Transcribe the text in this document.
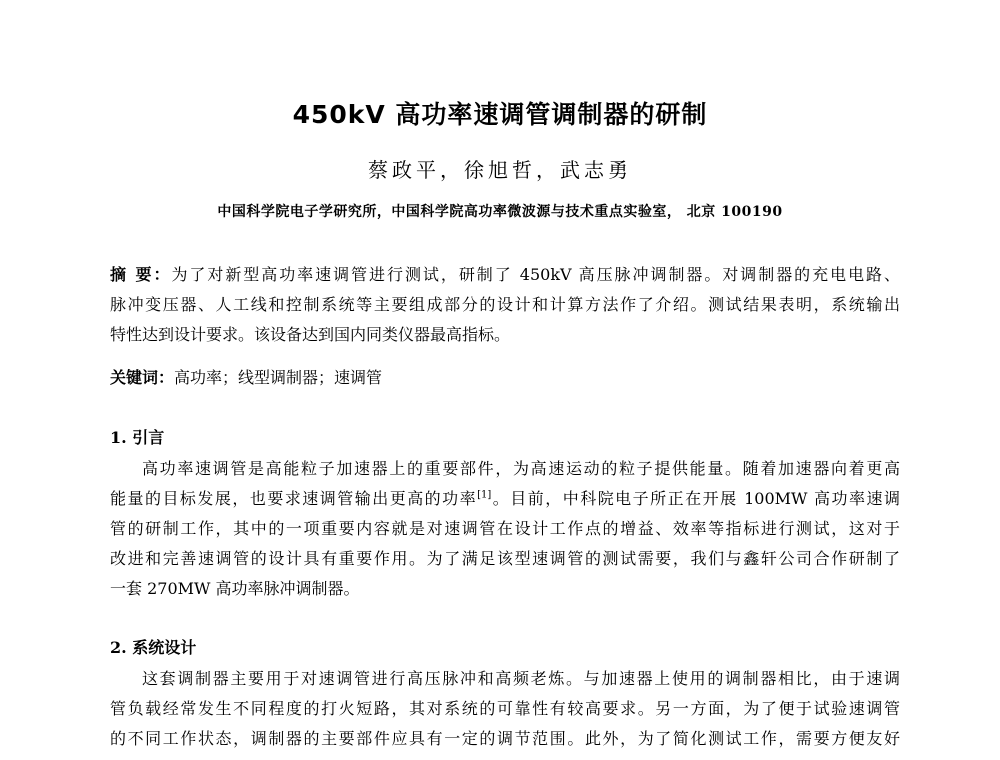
450kV 高功率速调管调制器的研制
蔡政平，徐旭哲，武志勇
中国科学院电子学研究所，中国科学院高功率微波源与技术重点实验室， 北京 100190
摘 要：为了对新型高功率速调管进行测试，研制了 450kV 高压脉冲调制器。对调制器的充电电路、
脉冲变压器、人工线和控制系统等主要组成部分的设计和计算方法作了介绍。测试结果表明，系统输出
特性达到设计要求。该设备达到国内同类仪器最高指标。
关键词：高功率；线型调制器；速调管
1. 引言
高功率速调管是高能粒子加速器上的重要部件，为高速运动的粒子提供能量。随着加速器向着更高
能量的目标发展，也要求速调管输出更高的功率[1]。目前，中科院电子所正在开展 100MW 高功率速调
管的研制工作，其中的一项重要内容就是对速调管在设计工作点的增益、效率等指标进行测试，这对于
改进和完善速调管的设计具有重要作用。为了满足该型速调管的测试需要，我们与鑫轩公司合作研制了
一套 270MW 高功率脉冲调制器。
2. 系统设计
这套调制器主要用于对速调管进行高压脉冲和高频老炼。与加速器上使用的调制器相比，由于速调
管负载经常发生不同程度的打火短路，其对系统的可靠性有较高要求。另一方面，为了便于试验速调管
的不同工作状态，调制器的主要部件应具有一定的调节范围。此外，为了简化测试工作，需要方便友好
